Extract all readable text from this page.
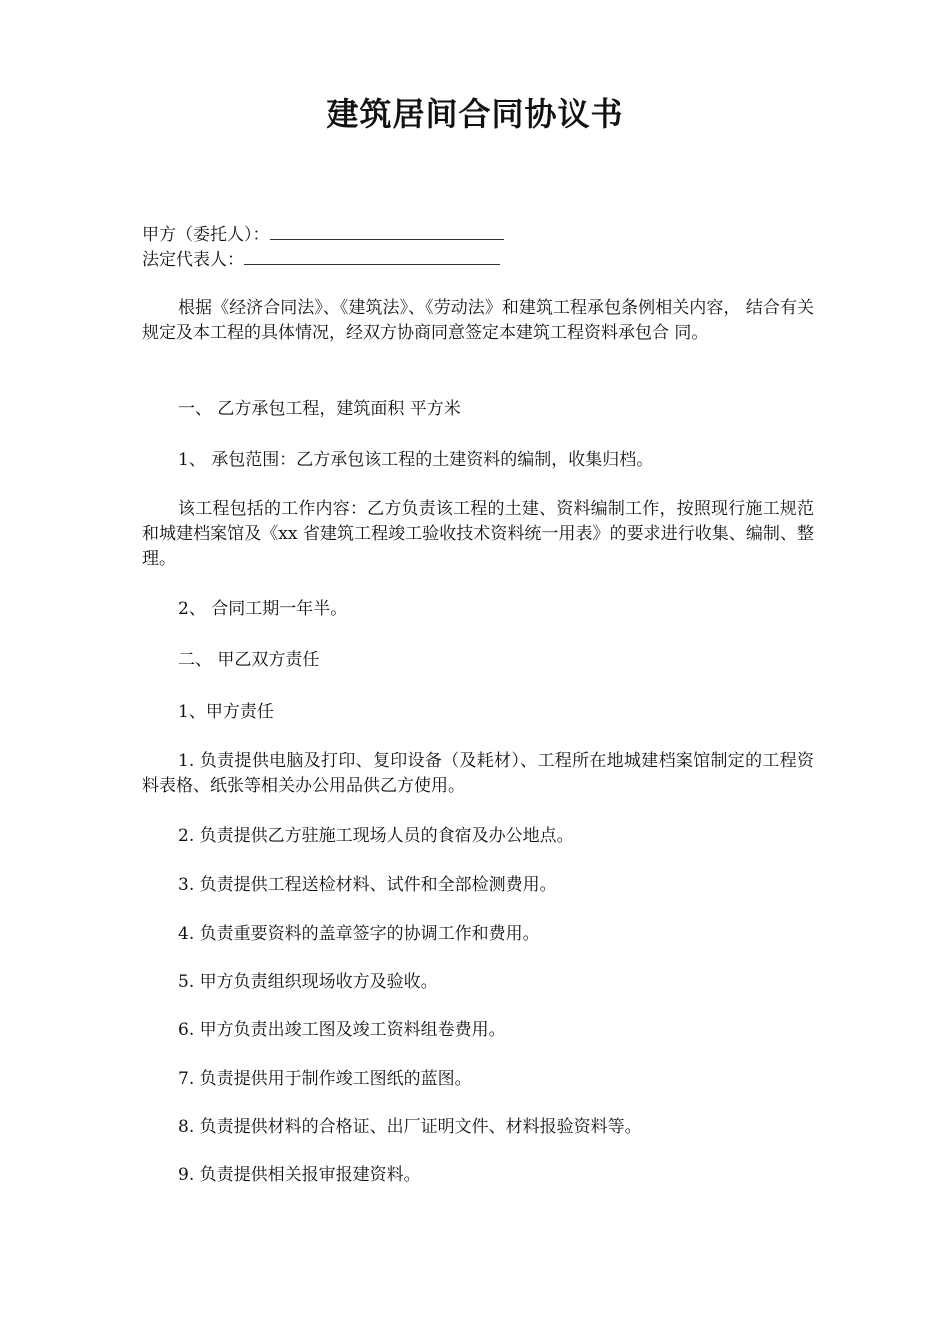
建筑居间合同协议书
甲方（委托人）：
法定代表人：

根据《经济合同法》、《建筑法》、《劳动法》和建筑工程承包条例相关内容， 结合有关规定及本工程的具体情况，经双方协商同意签定本建筑工程资料承包合 同。

一、 乙方承包工程，建筑面积 平方米

1、 承包范围：乙方承包该工程的土建资料的编制，收集归档。

该工程包括的工作内容：乙方负责该工程的土建、资料编制工作，按照现行施工规范和城建档案馆及《xx 省建筑工程竣工验收技术资料统一用表》的要求进行收集、编制、整理。

2、 合同工期一年半。

二、 甲乙双方责任

1、甲方责任

1. 负责提供电脑及打印、复印设备（及耗材）、工程所在地城建档案馆制定的工程资料表格、纸张等相关办公用品供乙方使用。

2. 负责提供乙方驻施工现场人员的食宿及办公地点。

3. 负责提供工程送检材料、试件和全部检测费用。

4. 负责重要资料的盖章签字的协调工作和费用。

5. 甲方负责组织现场收方及验收。

6. 甲方负责出竣工图及竣工资料组卷费用。

7. 负责提供用于制作竣工图纸的蓝图。

8. 负责提供材料的合格证、出厂证明文件、材料报验资料等。

9. 负责提供相关报审报建资料。
